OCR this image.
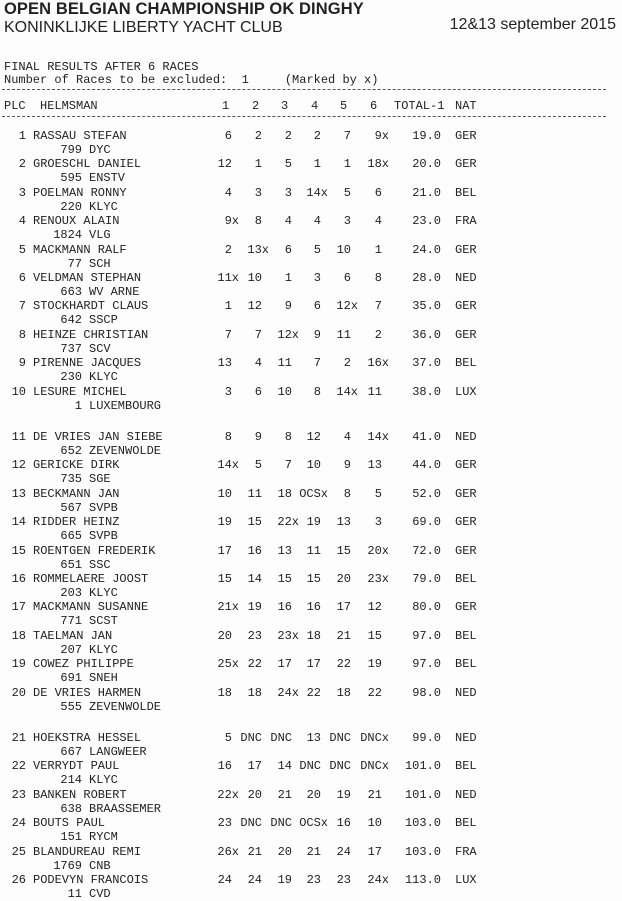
OPEN BELGIAN CHAMPIONSHIP OK DINGHY
KONINKLIJKE LIBERTY YACHT CLUB	12&13 september 2015
FINAL RESULTS AFTER 6 RACES
Number of Races to be excluded:  1     (Marked by x)
PLC HELMSMAN	1 2 3 4 5 6 TOTAL-1 NAT
1 RASSAU STEFAN	6 2 2 2 7 9x 19.0 GER
799 DYC
2 GROESCHL DANIEL	12 1 5 1 1 18x 20.0 GER
595 ENSTV
3 POELMAN RONNY	4 3 3 14x 5 6	21.0 BEL
220 KLYC
4 RENOUX ALAIN	9x 8 4 4 3 4	23.0 FRA
1824 VLG
5 MACKMANN RALF	2 13x 6 5 10 1	24.0 GER
77 SCH
6 VELDMAN STEPHAN	11x 10 1 3 6 8	28.0 NED
663 WV ARNE
7 STOCKHARDT CLAUS	1 12 9 6 12x 7	35.0 GER
642 SSCP
8 HEINZE CHRISTIAN	7 7 12x 9 11 2	36.0 GER
737 SCV
9 PIRENNE JACQUES	13 4 11 7 2 16x 37.0 BEL
230 KLYC
10 LESURE MICHEL	3 6 10 8 14x 11	38.0 LUX
1 LUXEMBOURG
11 DE VRIES JAN SIEBE	8 9 8 12 4 14x 41.0 NED
652 ZEVENWOLDE
12 GERICKE DIRK	14x 5 7 10 9 13	44.0 GER
735 SGE
13 BECKMANN JAN	10 11 18 OCSx 8 5	52.0 GER
567 SVPB
14 RIDDER HEINZ	19 15 22x 19 13 3	69.0 GER
665 SVPB
15 ROENTGEN FREDERIK	17 16 13 11 15 20x 72.0 GER
651 SSC
16 ROMMELAERE JOOST	15 14 15 15 20 23x 79.0 BEL
203 KLYC
17 MACKMANN SUSANNE	21x 19 16 16 17 12	80.0 GER
771 SCST
18 TAELMAN JAN	20 23 23x 18 21 15	97.0 BEL
207 KLYC
19 COWEZ PHILIPPE	25x 22 17 17 22 19	97.0 BEL
691 SNEH
20 DE VRIES HARMEN	18 18 24x 22 18 22	98.0 NED
555 ZEVENWOLDE
21 HOEKSTRA HESSEL	5 DNC DNC 13 DNC DNCx 99.0 NED
667 LANGWEER
22 VERRYDT PAUL	16 17 14 DNC DNC DNCx 101.0 BEL
214 KLYC
23 BANKEN ROBERT	22x 20 21 20 19 21 101.0 NED
638 BRAASSEMER
24 BOUTS PAUL	23 DNC DNC OCSx 16 10 103.0 BEL
151 RYCM
25 BLANDUREAU REMI	26x 21 20 21 24 17 103.0 FRA
1769 CNB
26 PODEVYN FRANCOIS	24 24 19 23 23 24x 113.0 LUX
11 CVD
